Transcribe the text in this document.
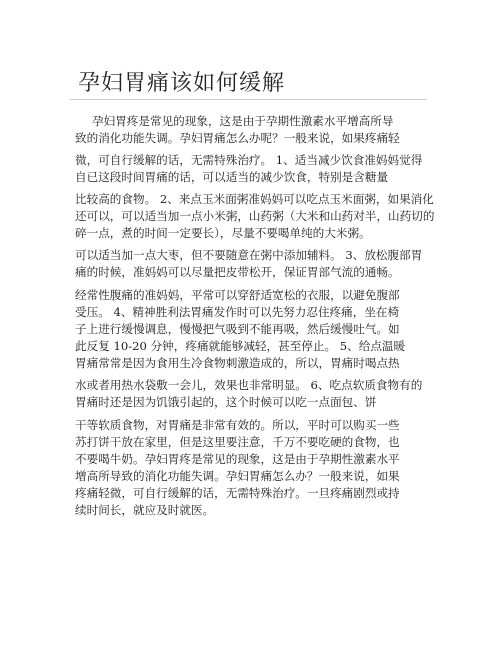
孕妇胃痛该如何缓解

孕妇胃疼是常见的现象，这是由于孕期性激素水平增高所导

致的消化功能失调。孕妇胃痛怎么办呢？一般来说，如果疼痛轻

微，可自行缓解的话，无需特殊治疗。 1、适当减少饮食准妈妈觉得

自已这段时间胃痛的话，可以适当的减少饮食，特别是含糖量

比较高的食物。 2、来点玉米面粥准妈妈可以吃点玉米面粥，如果消化

还可以，可以适当加一点小米粥，山药粥（大米和山药对半，山药切的

碎一点，煮的时间一定要长），尽量不要喝单纯的大米粥。

可以适当加一点大枣，但不要随意在粥中添加辅料。 3、放松腹部胃

痛的时候，准妈妈可以尽量把皮带松开，保证胃部气流的通畅。

经常性腹痛的准妈妈，平常可以穿舒适宽松的衣服，以避免腹部

受压。 4、精神胜利法胃痛发作时可以先努力忍住疼痛，坐在椅

子上进行缓慢调息，慢慢把气吸到不能再吸，然后缓慢吐气。如

此反复 10-20 分钟，疼痛就能够减轻，甚至停止。 5、给点温暖

胃痛常常是因为食用生冷食物刺激造成的，所以，胃痛时喝点热

水或者用热水袋敷一会儿，效果也非常明显。 6、吃点软质食物有的

胃痛时还是因为饥饿引起的，这个时候可以吃一点面包、饼

干等软质食物，对胃痛是非常有效的。所以，平时可以购买一些

苏打饼干放在家里，但是这里要注意，千万不要吃硬的食物，也

不要喝牛奶。孕妇胃疼是常见的现象，这是由于孕期性激素水平

增高所导致的消化功能失调。孕妇胃痛怎么办？一般来说，如果

疼痛轻微，可自行缓解的话，无需特殊治疗。一旦疼痛剧烈或持

续时间长，就应及时就医。
